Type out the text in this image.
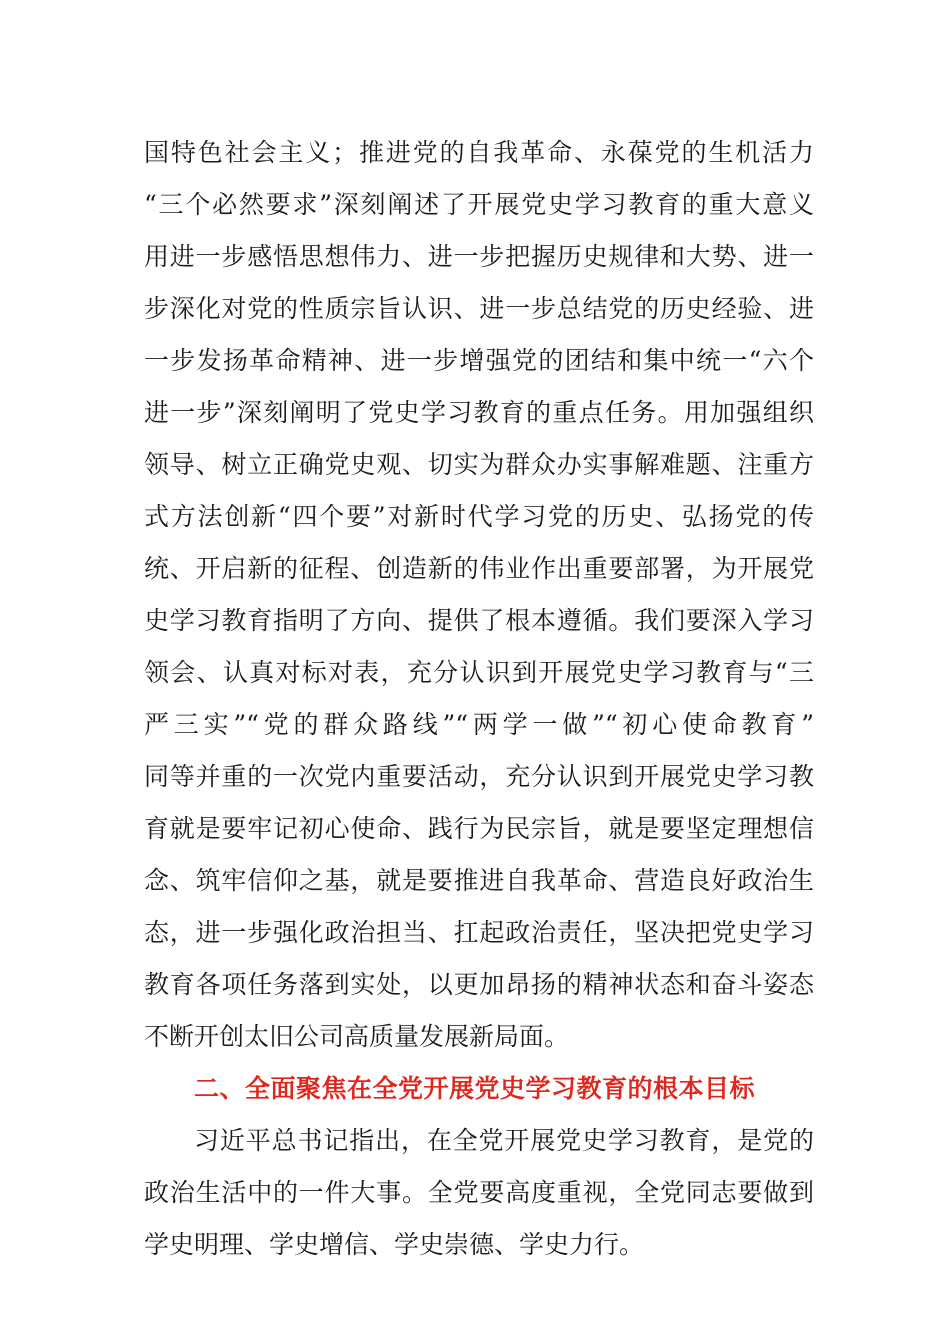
国特色社会主义；推进党的自我革命、永葆党的生机活力
“三个必然要求”深刻阐述了开展党史学习教育的重大意义
用进一步感悟思想伟力、进一步把握历史规律和大势、进一
步深化对党的性质宗旨认识、进一步总结党的历史经验、进
一步发扬革命精神、进一步增强党的团结和集中统一“六个
进一步”深刻阐明了党史学习教育的重点任务。用加强组织
领导、树立正确党史观、切实为群众办实事解难题、注重方
式方法创新“四个要”对新时代学习党的历史、弘扬党的传
统、开启新的征程、创造新的伟业作出重要部署，为开展党
史学习教育指明了方向、提供了根本遵循。我们要深入学习
领会、认真对标对表，充分认识到开展党史学习教育与“三
严三实”“党的群众路线”“两学一做”“初心使命教育”
同等并重的一次党内重要活动，充分认识到开展党史学习教
育就是要牢记初心使命、践行为民宗旨，就是要坚定理想信
念、筑牢信仰之基，就是要推进自我革命、营造良好政治生
态，进一步强化政治担当、扛起政治责任，坚决把党史学习
教育各项任务落到实处，以更加昂扬的精神状态和奋斗姿态
不断开创太旧公司高质量发展新局面。
二、全面聚焦在全党开展党史学习教育的根本目标
习近平总书记指出，在全党开展党史学习教育，是党的
政治生活中的一件大事。全党要高度重视，全党同志要做到
学史明理、学史增信、学史崇德、学史力行。
